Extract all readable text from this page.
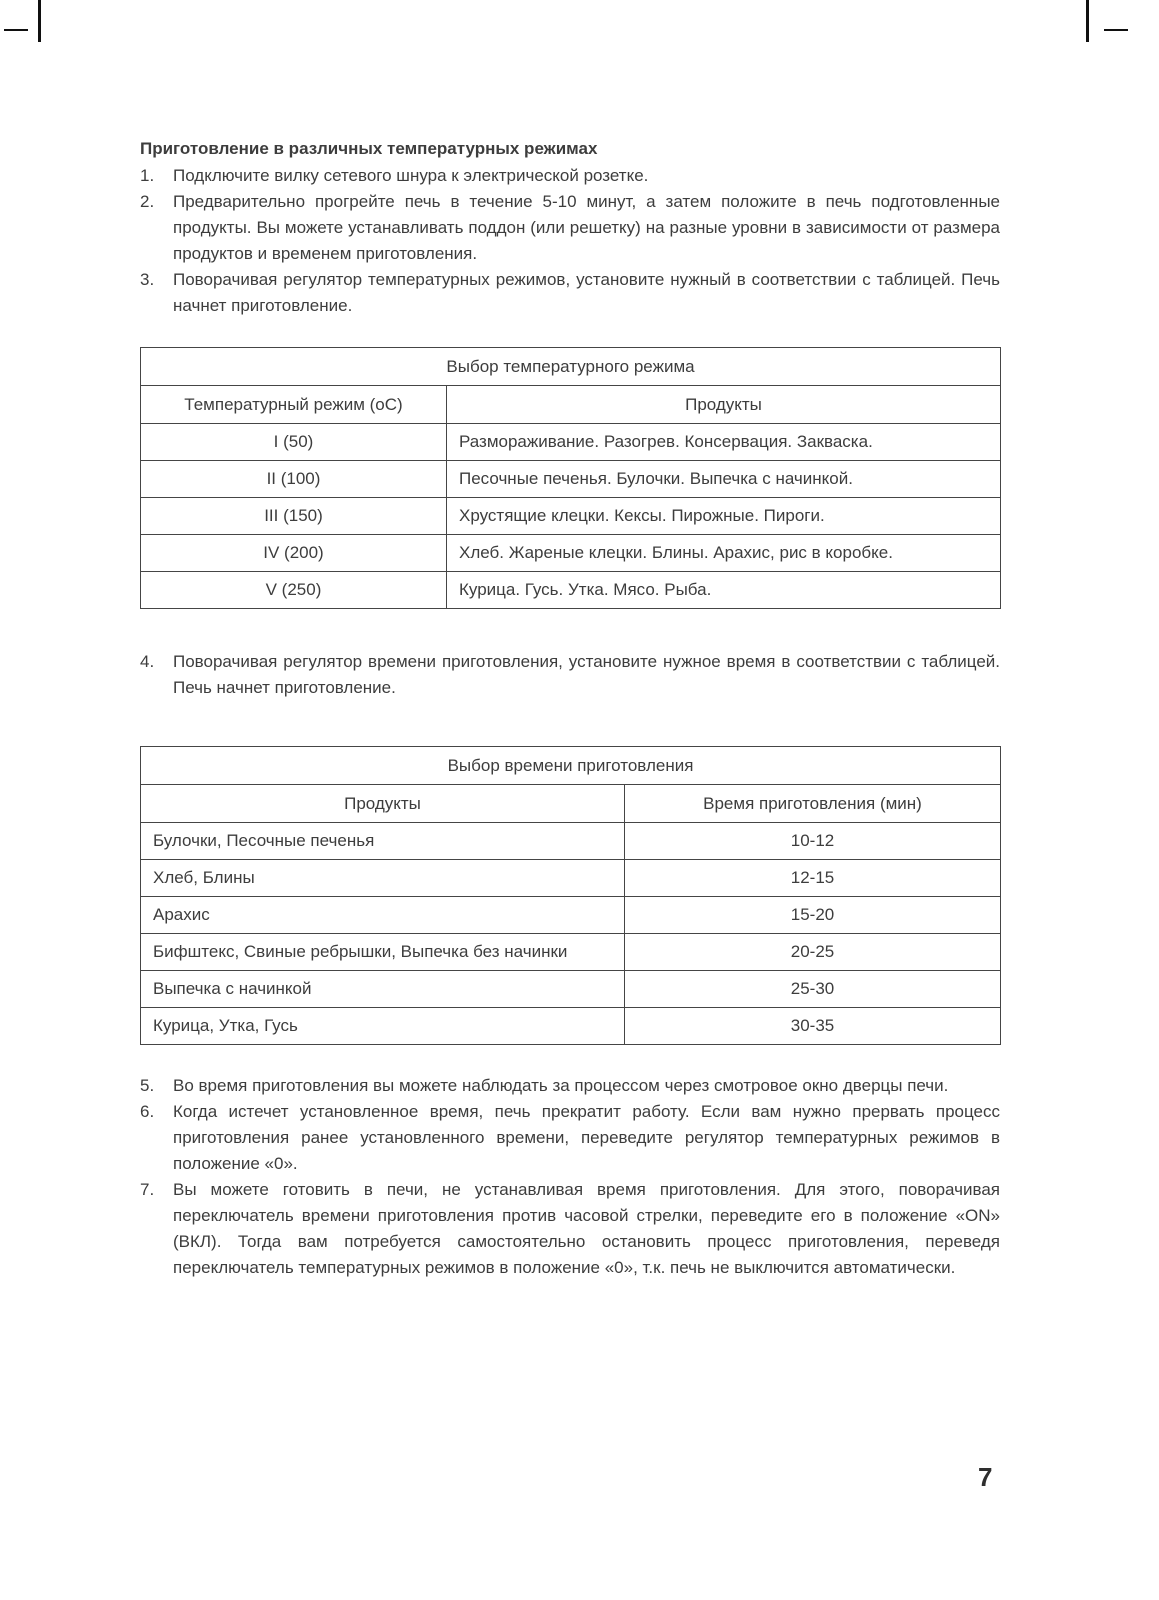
Приготовление в различных температурных режимах
1.	Подключите вилку сетевого шнура к электрической розетке.
2.	Предварительно прогрейте печь в течение 5-10 минут, а затем положите в печь подготовленные продукты. Вы можете устанавливать поддон (или решетку) на разные уровни в зависимости от размера продуктов и временем приготовления.
3.	Поворачивая регулятор температурных режимов, установите нужный в соответствии с таблицей. Печь начнет приготовление.
Выбор температурного режима	
Температурный режим (оС)	Продукты
I (50)	Размораживание. Разогрев. Консервация. Закваска.
II (100)	Песочные печенья. Булочки. Выпечка с начинкой.
III (150)	Хрустящие клецки. Кексы. Пирожные. Пироги.
IV (200)	Хлеб. Жареные клецки. Блины. Арахис, рис в коробке.
V (250)	Курица. Гусь. Утка. Мясо. Рыба.
4.	Поворачивая регулятор времени приготовления, установите нужное время в соответствии с таблицей. Печь начнет приготовление.
Выбор времени приготовления	
Продукты	Время приготовления (мин)
Булочки, Песочные печенья	10-12
Хлеб, Блины	12-15
Арахис	15-20
Бифштекс, Свиные ребрышки, Выпечка без начинки	20-25
Выпечка с начинкой	25-30
Курица, Утка, Гусь	30-35
5.	Во время приготовления вы можете наблюдать за процессом через смотровое окно дверцы печи.
6.	Когда истечет установленное время, печь прекратит работу. Если вам нужно прервать процесс приготовления ранее установленного времени, переведите регулятор температурных режимов в положение «0».
7.	Вы можете готовить в печи, не устанавливая время приготовления. Для этого, поворачивая переключатель времени приготовления против часовой стрелки, переведите его в положение «ON» (ВКЛ). Тогда вам потребуется самостоятельно остановить процесс приготовления, переведя переключатель температурных режимов в положение «0», т.к. печь не выключится автоматически.
7
